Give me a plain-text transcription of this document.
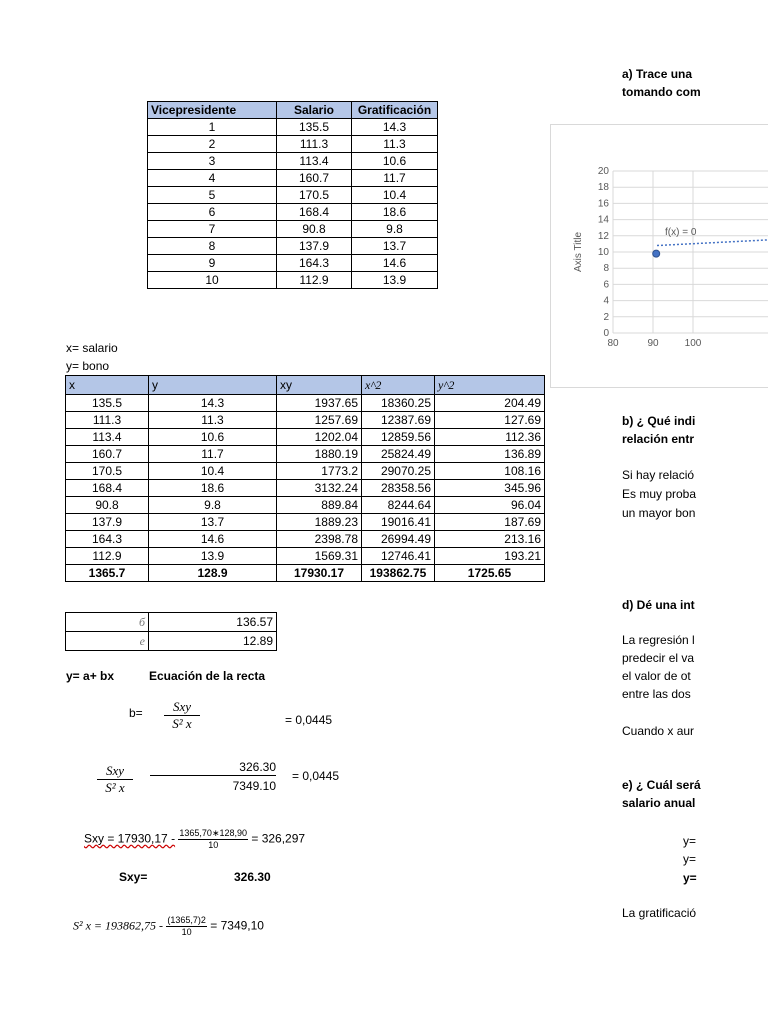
Vicepresidente	Salario	Gratificación
1	135.5	14.3
2	111.3	11.3
3	113.4	10.6
4	160.7	11.7
5	170.5	10.4
6	168.4	18.6
7	90.8	9.8
8	137.9	13.7
9	164.3	14.6
10	112.9	13.9
x= salario
y= bono
x	y	xy	x^2	y^2
135.5	14.3	1937.65	18360.25	204.49
111.3	11.3	1257.69	12387.69	127.69
113.4	10.6	1202.04	12859.56	112.36
160.7	11.7	1880.19	25824.49	136.89
170.5	10.4	1773.2	29070.25	108.16
168.4	18.6	3132.24	28358.56	345.96
90.8	9.8	889.84	8244.64	96.04
137.9	13.7	1889.23	19016.41	187.69
164.3	14.6	2398.78	26994.49	213.16
112.9	13.9	1569.31	12746.41	193.21
1365.7	128.9	17930.17	193862.75	1725.65
б	136.57
е	12.89
y= a+ bx	Ecuación de la recta
b=	Sxy
S² x	= 0,0445
Sxy
S² x
326.30
7349.10
= 0,0445
Sxy = $17930,17 - \frac{1365,70∗128,90}{10} = 326,297$
Sxy=	326.30
S² $x = 193862,75 - \frac{(1365,7)2}{10} = 7349,10$
20
18
16
14
12
10
8
6
4
2
0
80	90	100
Axis Title	f(x) = 0
a) Trace una
tomando com
b) ¿ Qué indi
relación entr
Si hay relació
Es muy proba
un mayor bon
d) Dé una int
La regresión l
predecir el va
el valor de ot
entre las dos
Cuando x aur
e) ¿ Cuál será
salario anual
y=
y=
y=
La gratificació
